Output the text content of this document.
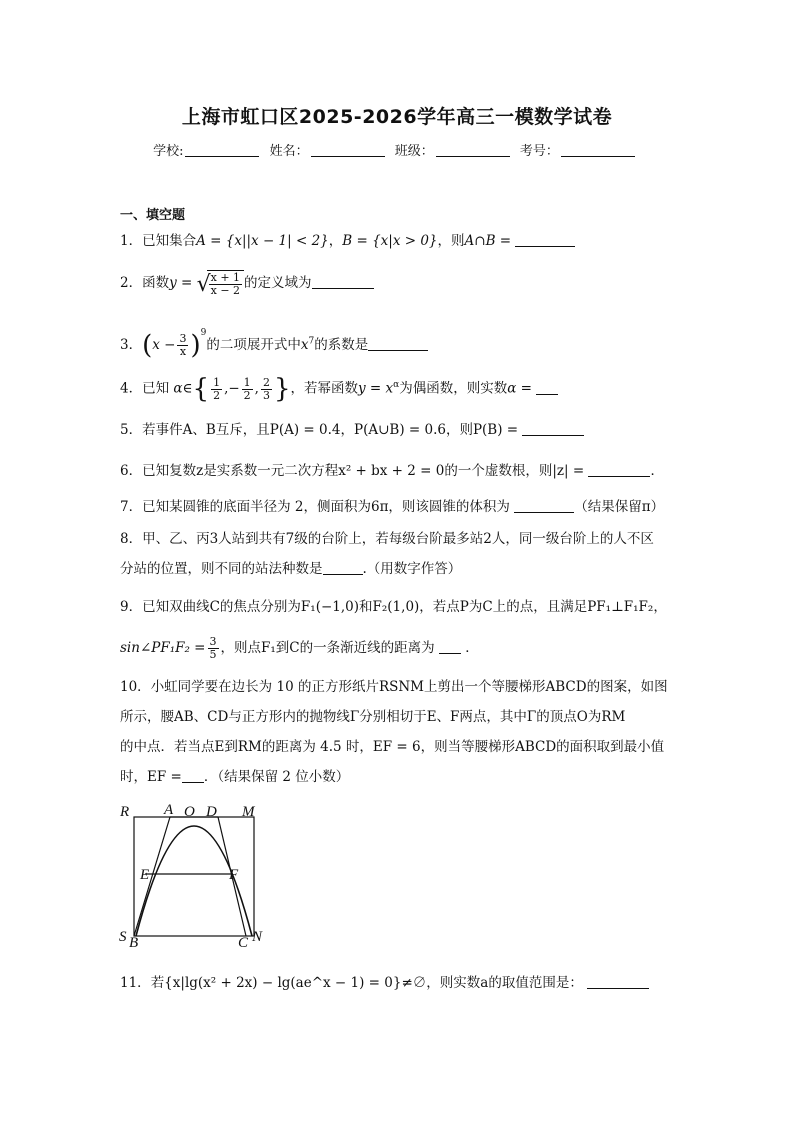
上海市虹口区2025-2026学年高三一模数学试卷
学校:	姓名：	班级：	考号：
一、填空题
1．已知集合A = {x||x − 1| < 2}，B = {x|x > 0}，则A∩B =
2．函数y = √
$\frac{x + 1}{x - 2}$ 的定义域为
3．$(x - \frac{3}{x} )^9$的二项展开式中$x^7$的系数是
4．已知 α∈{ $\frac{1}{2}$ ,− $\frac{1}{2}$ , $\frac{2}{3}$ }，若幂函数$y = x^\alpha$为偶函数，则实数α =
5．若事件A、B互斥，且P(A) = 0.4，P(A∪B) = 0.6，则P(B) =
6．已知复数z是实系数一元二次方程x² + bx + 2 = 0的一个虚数根，则|z| =	．
7．已知某圆锥的底面半径为 2，侧面积为6π，则该圆锥的体积为	（结果保留π）
8．甲、乙、丙3人站到共有7级的台阶上，若每级台阶最多站2人，同一级台阶上的人不区
分站的位置，则不同的站法种数是	.（用数字作答）
9．已知双曲线C的焦点分别为F₁(−1,0)和F₂(1,0)，若点P为C上的点，且满足PF₁⊥F₁F₂，
sin∠PF₁F₂ = $\frac{3}{5}$ ，则点F₁到C的一条渐近线的距离为 ．
10．小虹同学要在边长为 10 的正方形纸片RSNM上剪出一个等腰梯形ABCD的图案，如图
所示，腰AB、CD与正方形内的抛物线Γ分别相切于E、F两点，其中Γ的顶点O为RM
的中点．若当点E到RM的距离为 4.5 时，EF = 6，则当等腰梯形ABCD的面积取到最小值
时，EF = ．（结果保留 2 位小数）
R A O D M
E	F
S B	C N
11．若{x|lg(x² + 2x) − lg(ae^x − 1) = 0}≠∅，则实数a的取值范围是：
